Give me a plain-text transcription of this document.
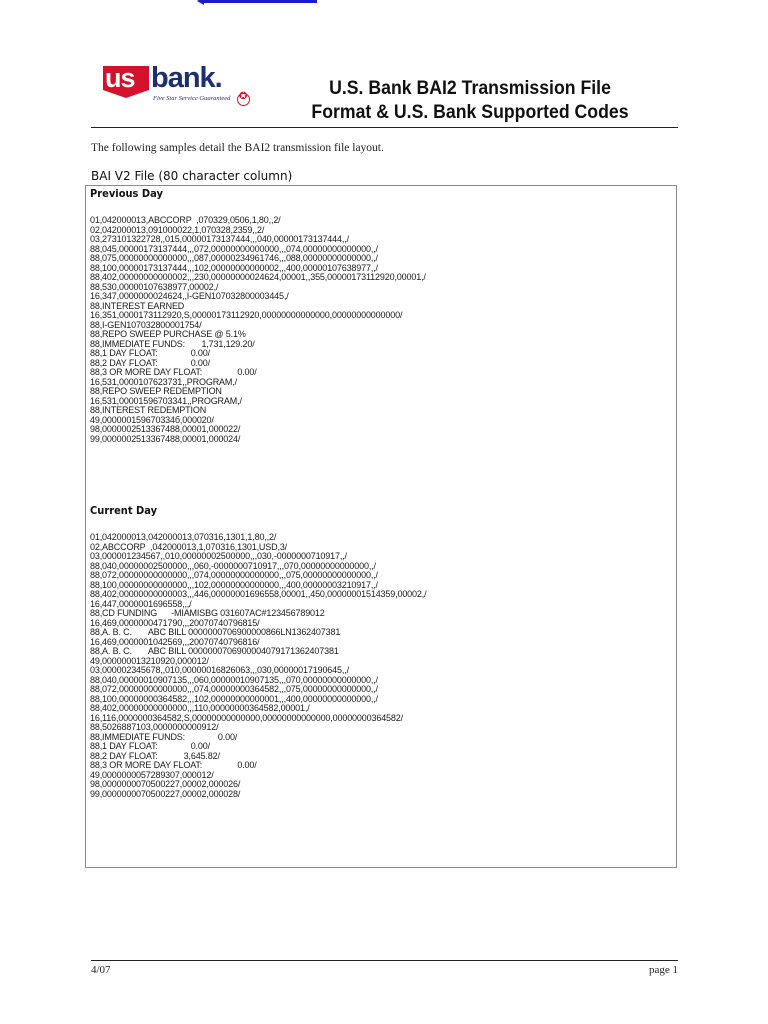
us bank.
Five Star Service Guaranteed
✪	U.S. Bank BAI2 Transmission File
Format & U.S. Bank Supported Codes
The following samples detail the BAI2 transmission file layout.
BAI V2 File (80 character column)
Previous Day
01,042000013,ABCCORP  ,070329,0506,1,80,,2/
02,042000013,091000022,1,070328,2359,,2/
03,273101322728,,015,00000173137444,,,040,00000173137444,,/
88,045,00000173137444,,,072,00000000000000,,,074,00000000000000,,/
88,075,00000000000000,,,087,00000234961746,,,088,00000000000000,,/
88,100,00000173137444,,,102,00000000000002,,,400,00000107638977,,/
88,402,00000000000002,,,230,00000000024624,00001,,355,00000173112920,00001,/
88,530,00000107638977,00002,/
16,347,0000000024624,,I-GEN107032800003445,/
88,INTEREST EARNED
16,351,0000173112920,S,00000173112920,00000000000000,00000000000000/
88,I-GEN107032800001754/
88,REPO SWEEP PURCHASE @ 5.1%
88,IMMEDIATE FUNDS:       1,731,129.20/
88,1 DAY FLOAT:              0.00/
88,2 DAY FLOAT:              0.00/
88,3 OR MORE DAY FLOAT:               0.00/
16,531,0000107623731,,PROGRAM,/
88,REPO SWEEP REDEMPTION
16,531,00001596703341,,PROGRAM,/
88,INTEREST REDEMPTION
49,000000159670334б,000020/
98,0000002513367488,00001,000022/
99,0000002513367488,00001,000024/
Current Day
01,042000013,042000013,070316,1301,1,80,,2/
02,ABCCORP  ,042000013,1,070316,1301,USD,3/
03,000001234567,,010,00000002500000,,,030,-0000000710917,,/
88,040,00000002500000,,,060,-0000000710917,,,070,00000000000000,,/
88,072,00000000000000,,,074,00000000000000,,,075,00000000000000,,/
88,100,00000000000000,,,102,00000000000000,,,400,00000003210917,,/
88,402,00000000000003,,,446,00000001696558,00001,,450,00000001514359,00002,/
16,447,0000001696558,,,/
88,CD FUNDING      -MIAMISBG 031607AC#123456789012
16,469,0000000471790,,,20070740796815/
88,A. B. C.       ABC BILL 0000000706900000866LN1362407381
16,469,0000001042569,,,20070740796816/
88,A. B. C.       ABC BILL 000000070690000407917136240738​1
49,000000013210920,000012/
03,000002345678,,010,00000016826063,,,030,00000017190645,,/
88,040,00000010907135,,,060,00000010907135,,,070,00000000000000,,/
88,072,00000000000000,,,074,00000000364582,,,075,00000000000000,,/
88,100,00000000364582,,,102,00000000000001,,,400,00000000000000,,/
88,402,00000000000000,,,110,00000000364582,00001,/
16,116,0000000364582,S,00000000000000,00000000000000,00000000364582/
88,5026887103,0000000000912/
88,IMMEDIATE FUNDS:              0.00/
88,1 DAY FLOAT:              0.00/
88,2 DAY FLOAT:           3,645.82/
88,3 OR MORE DAY FLOAT:               0.00/
49,0000000057289307,000012/
98,0000000070500227,00002,000026/
99,0000000070500227,00002,000028/
4/07	page 1
